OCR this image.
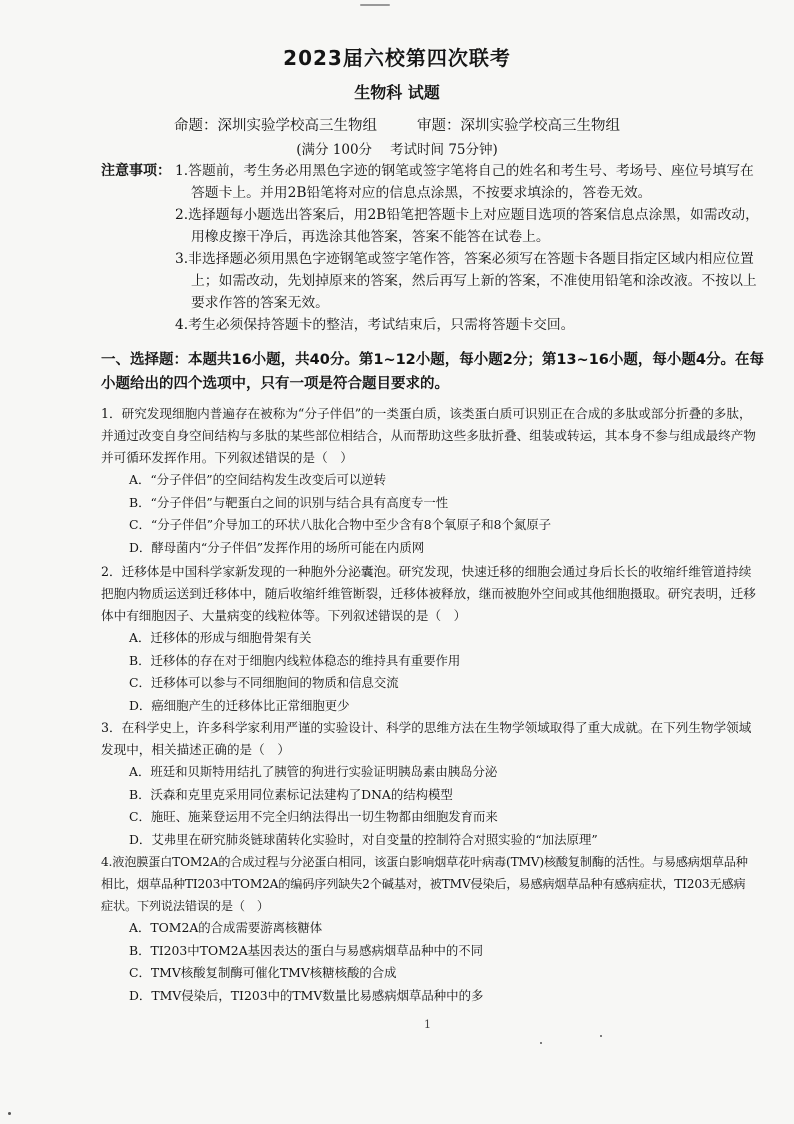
2023届六校第四次联考
生物科 试题
命题：深圳实验学校高三生物组	审题：深圳实验学校高三生物组
(满分 100分 考试时间 75分钟)
注意事项： 1.答题前，考生务必用黑色字迹的钢笔或签字笔将自己的姓名和考生号、考场号、座位号填写在答题卡上。并用2B铅笔将对应的信息点涂黑，不按要求填涂的，答卷无效。

2.选择题每小题选出答案后，用2B铅笔把答题卡上对应题目选项的答案信息点涂黑，如需改动，用橡皮擦干净后，再选涂其他答案，答案不能答在试卷上。

3.非选择题必须用黑色字迹钢笔或签字笔作答，答案必须写在答题卡各题目指定区域内相应位置上；如需改动，先划掉原来的答案，然后再写上新的答案，不准使用铅笔和涂改液。不按以上要求作答的答案无效。

4.考生必须保持答题卡的整洁，考试结束后，只需将答题卡交回。

一、选择题：本题共16小题，共40分。第1~12小题，每小题2分；第13~16小题，每小题4分。在每小题给出的四个选项中，只有一项是符合题目要求的。

1．研究发现细胞内普遍存在被称为“分子伴侣”的一类蛋白质，该类蛋白质可识别正在合成的多肽或部分折叠的多肽，并通过改变自身空间结构与多肽的某些部位相结合，从而帮助这些多肽折叠、组装或转运，其本身不参与组成最终产物并可循环发挥作用。下列叙述错误的是（　）

A．“分子伴侣”的空间结构发生改变后可以逆转

B．“分子伴侣”与靶蛋白之间的识别与结合具有高度专一性

C．“分子伴侣”介导加工的环状八肽化合物中至少含有8个氧原子和8个氮原子

D．酵母菌内“分子伴侣”发挥作用的场所可能在内质网

2．迁移体是中国科学家新发现的一种胞外分泌囊泡。研究发现，快速迁移的细胞会通过身后长长的收缩纤维管道持续把胞内物质运送到迁移体中，随后收缩纤维管断裂，迁移体被释放，继而被胞外空间或其他细胞摄取。研究表明，迁移体中有细胞因子、大量病变的线粒体等。下列叙述错误的是（　）

A．迁移体的形成与细胞骨架有关

B．迁移体的存在对于细胞内线粒体稳态的维持具有重要作用

C．迁移体可以参与不同细胞间的物质和信息交流

D．癌细胞产生的迁移体比正常细胞更少

3．在科学史上，许多科学家利用严谨的实验设计、科学的思维方法在生物学领域取得了重大成就。在下列生物学领域发现中，相关描述正确的是（　）

A．班廷和贝斯特用结扎了胰管的狗进行实验证明胰岛素由胰岛分泌

B．沃森和克里克采用同位素标记法建构了DNA的结构模型

C．施旺、施莱登运用不完全归纳法得出一切生物都由细胞发育而来

D．艾弗里在研究肺炎链球菌转化实验时，对自变量的控制符合对照实验的“加法原理”

4.液泡膜蛋白TOM2A的合成过程与分泌蛋白相同，该蛋白影响烟草花叶病毒(TMV)核酸复制酶的活性。与易感病烟草品种相比，烟草品种TI203中TOM2A的编码序列缺失2个碱基对，被TMV侵染后，易感病烟草品种有感病症状，TI203无感病症状。下列说法错误的是（　）

A．TOM2A的合成需要游离核糖体

B．TI203中TOM2A基因表达的蛋白与易感病烟草品种中的不同

C．TMV核酸复制酶可催化TMV核糖核酸的合成

D．TMV侵染后，TI203中的TMV数量比易感病烟草品种中的多

1
